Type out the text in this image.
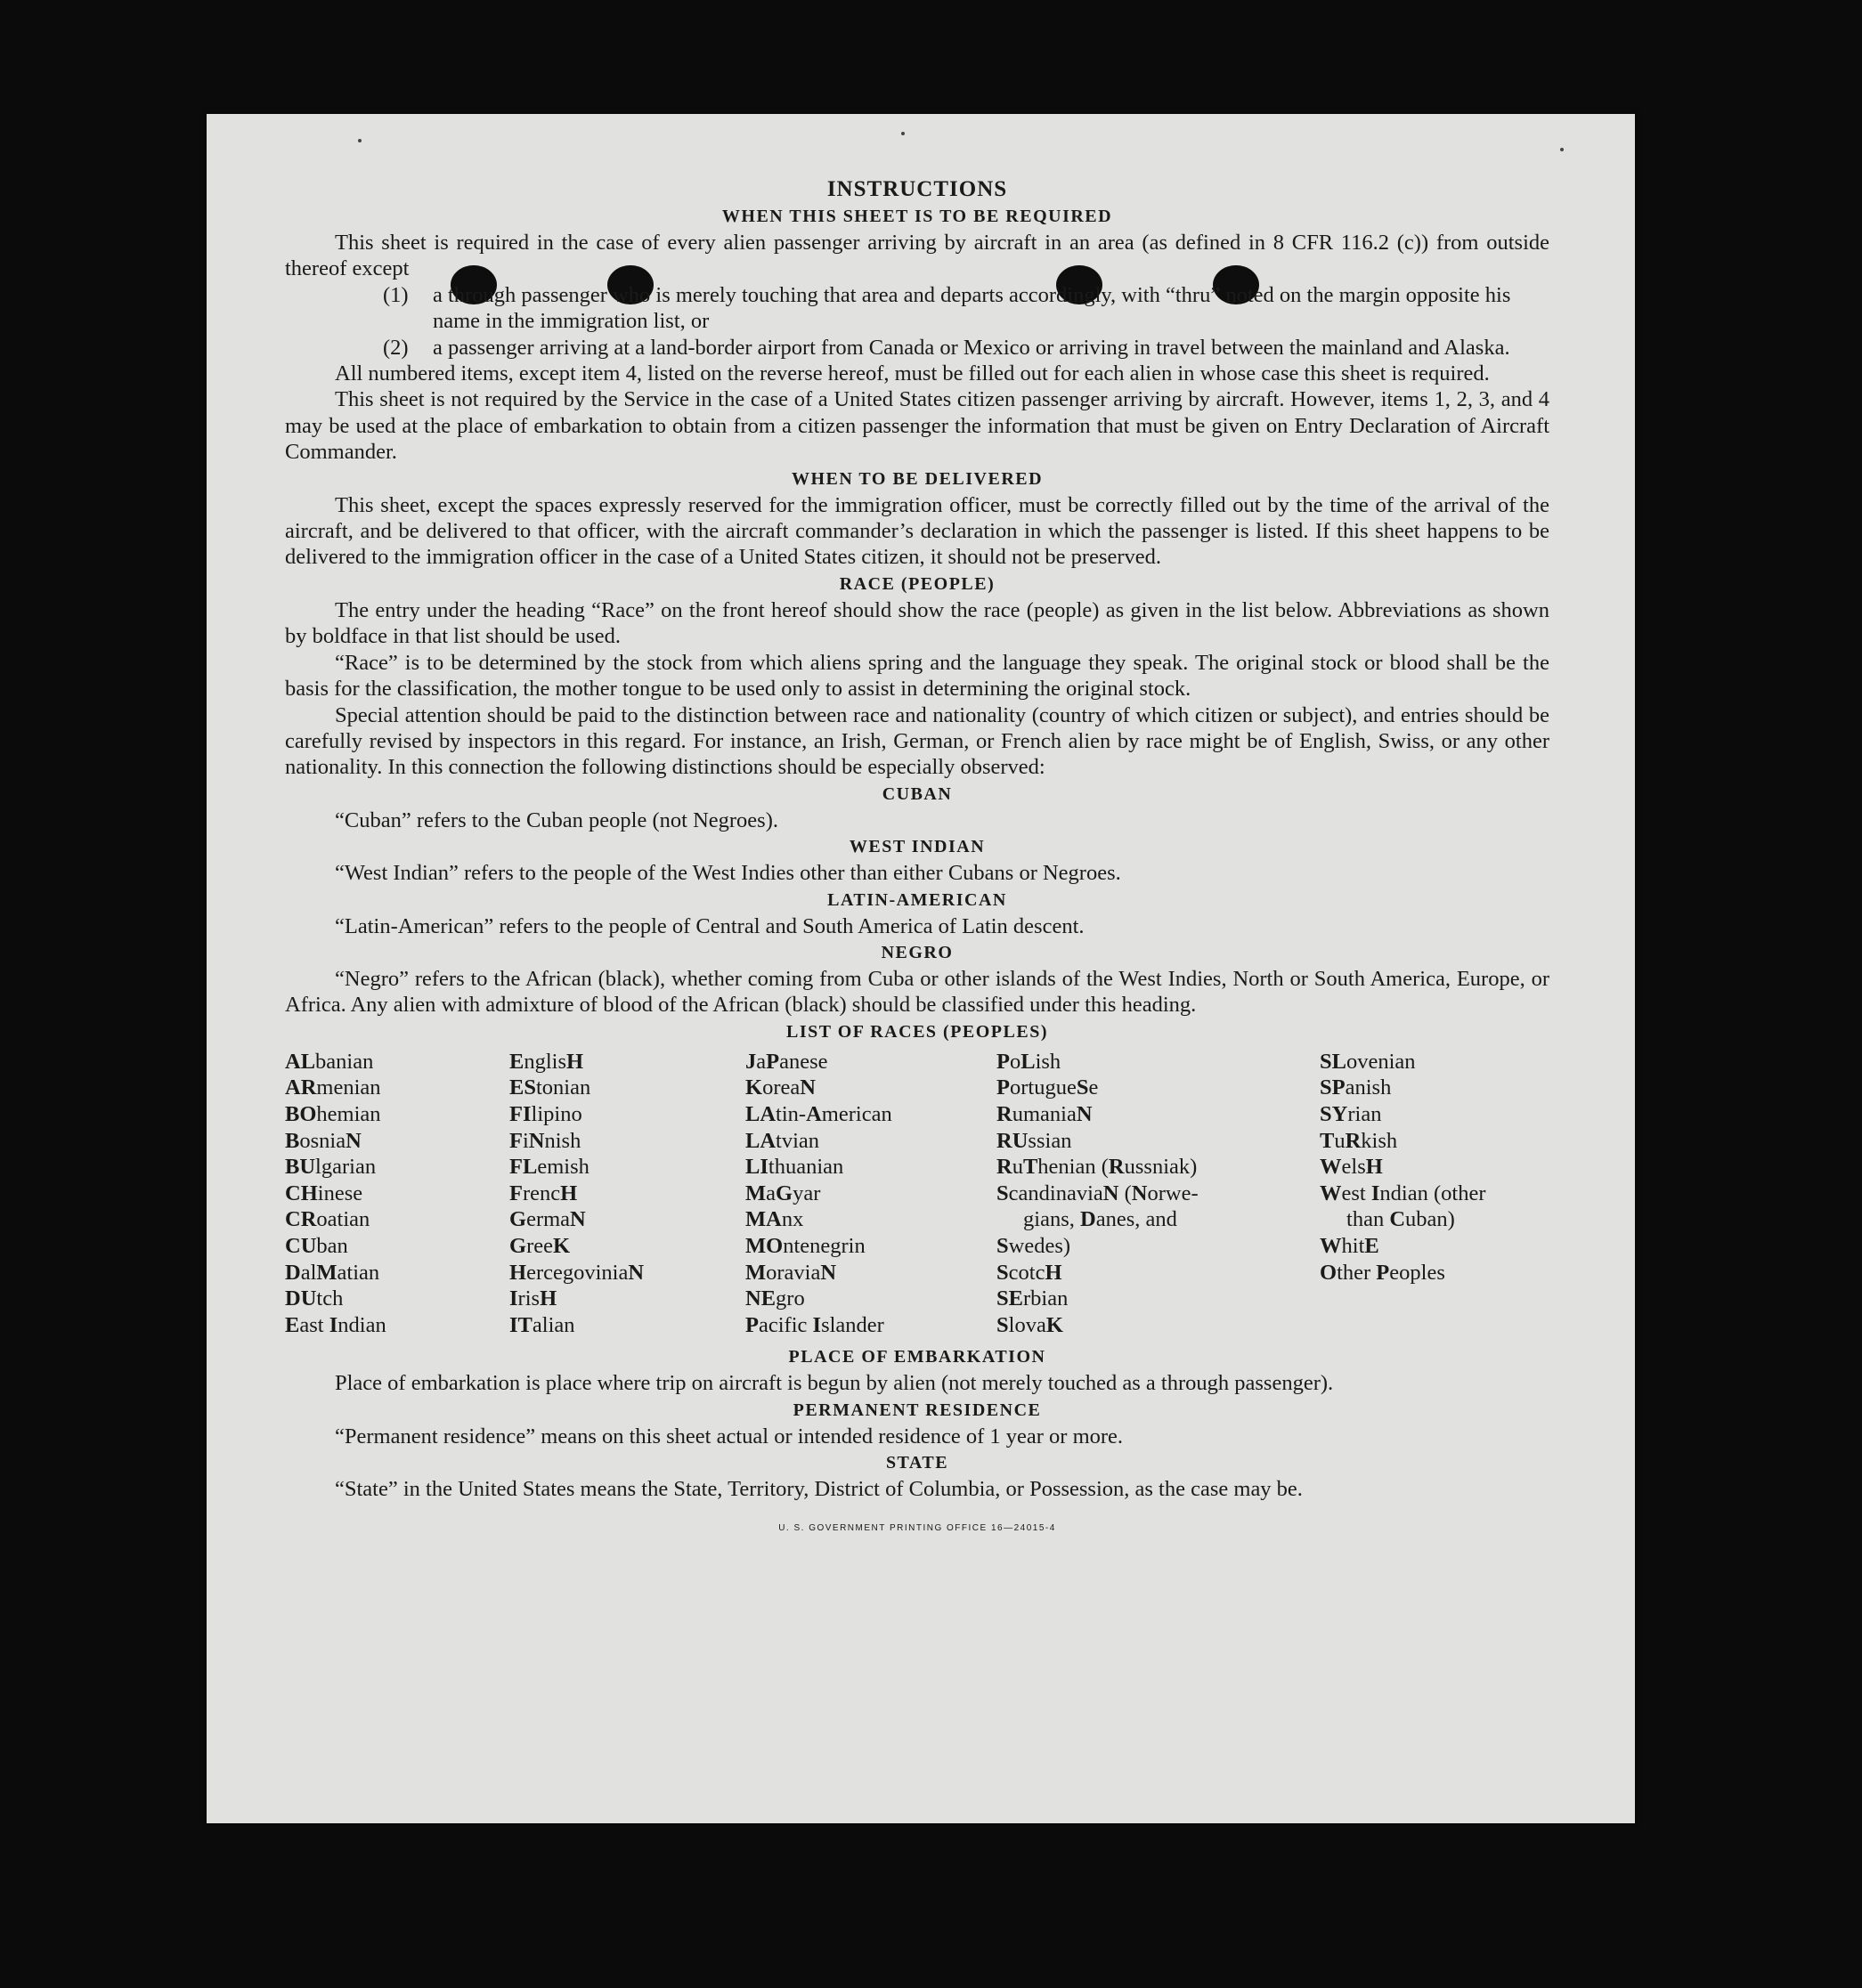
INSTRUCTIONS
WHEN THIS SHEET IS TO BE REQUIRED

This sheet is required in the case of every alien passenger arriving by aircraft in an area (as defined in 8 CFR 116.2 (c)) from outside thereof except

(1)	a through passenger who is merely touching that area and departs accordingly, with “thru” noted on the margin opposite his name in the immigration list, or
(2)	a passenger arriving at a land-border airport from Canada or Mexico or arriving in travel between the mainland and Alaska.

All numbered items, except item 4, listed on the reverse hereof, must be filled out for each alien in whose case this sheet is required.

This sheet is not required by the Service in the case of a United States citizen passenger arriving by aircraft. However, items 1, 2, 3, and 4 may be used at the place of embarkation to obtain from a citizen passenger the information that must be given on Entry Declaration of Aircraft Commander.

WHEN TO BE DELIVERED

This sheet, except the spaces expressly reserved for the immigration officer, must be correctly filled out by the time of the arrival of the aircraft, and be delivered to that officer, with the aircraft commander’s declaration in which the passenger is listed. If this sheet happens to be delivered to the immigration officer in the case of a United States citizen, it should not be preserved.

RACE (PEOPLE)

The entry under the heading “Race” on the front hereof should show the race (people) as given in the list below. Abbreviations as shown by boldface in that list should be used.

“Race” is to be determined by the stock from which aliens spring and the language they speak. The original stock or blood shall be the basis for the classification, the mother tongue to be used only to assist in determining the original stock.

Special attention should be paid to the distinction between race and nationality (country of which citizen or subject), and entries should be carefully revised by inspectors in this regard. For instance, an Irish, German, or French alien by race might be of English, Swiss, or any other nationality. In this connection the following distinctions should be especially observed:

CUBAN

“Cuban” refers to the Cuban people (not Negroes).

WEST INDIAN

“West Indian” refers to the people of the West Indies other than either Cubans or Negroes.

LATIN-AMERICAN

“Latin-American” refers to the people of Central and South America of Latin descent.

NEGRO

“Negro” refers to the African (black), whether coming from Cuba or other islands of the West Indies, North or South America, Europe, or Africa. Any alien with admixture of blood of the African (black) should be classified under this heading.

LIST OF RACES (PEOPLES)
ALbanian
ARmenian
BOhemian
BosniaN
BUlgarian
CHinese
CRoatian
CUban
DalMatian
DUtch
East Indian
EnglisH
EStonian
FIlipino
FiNnish
FLemish
FrencH
GermaN
GreeK
HercegoviniaN
IrisH
ITalian
JaPanese
KoreaN
LAtin-American
LAtvian
LIthuanian
MaGyar
MAnx
MOntenegrin
MoraviaN
NEgro
Pacific Islander
PoLish
PortugueSe
RumaniaN
RUssian
RuThenian (Russniak)
ScandinaviaN (Norwe-
gians, Danes, and
Swedes)
ScotcH
SErbian
SlovaK
SLovenian
SPanish
SYrian
TuRkish
WelsH
West Indian (other
than Cuban)
WhitE
Other Peoples
PLACE OF EMBARKATION

Place of embarkation is place where trip on aircraft is begun by alien (not merely touched as a through passenger).

PERMANENT RESIDENCE

“Permanent residence” means on this sheet actual or intended residence of 1 year or more.

STATE

“State” in the United States means the State, Territory, District of Columbia, or Possession, as the case may be.

U. S. GOVERNMENT PRINTING OFFICE 16—24015-4
